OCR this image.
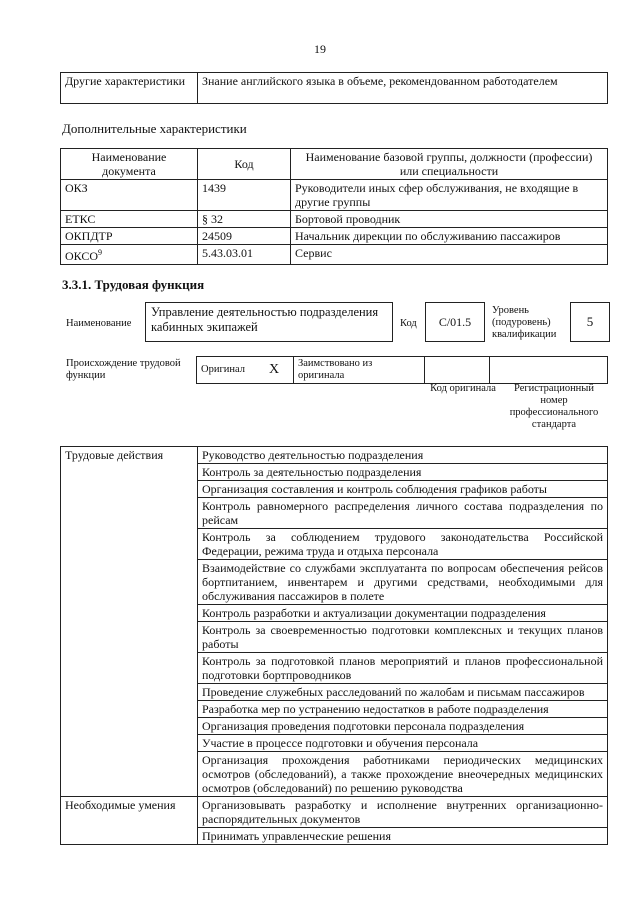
19
Другие характеристики	Знание английского языка в объеме, рекомендованном работодателем
Дополнительные характеристики
Наименование документа	Код	Наименование базовой группы, должности (профессии) или специальности
ОКЗ	1439	Руководители иных сфер обслуживания, не входящие в другие группы
ЕТКС	§ 32	Бортовой проводник
ОКПДТР	24509	Начальник дирекции по обслуживанию пассажиров
ОКСО$^9$	5.43.03.01	Сервис
3.3.1. Трудовая функция
Наименование
Управление деятельностью подразделения кабинных экипажей	Код	C/01.5
Уровень (подуровень) квалификации
5
Происхождение трудовой функции
Оригинал	X	Заимствовано из оригинала		
Код оригинала	Регистрационный номер профессионального стандарта
Трудовые действия	Руководство деятельностью подразделения
	Контроль за деятельностью подразделения
	Организация составления и контроль соблюдения графиков работы
	Контроль равномерного распределения личного состава подразделения по рейсам
	Контроль за соблюдением трудового законодательства Российской Федерации, режима труда и отдыха персонала
	Взаимодействие со службами эксплуатанта по вопросам обеспечения рейсов бортпитанием, инвентарем и другими средствами, необходимыми для обслуживания пассажиров в полете
	Контроль разработки и актуализации документации подразделения
	Контроль за своевременностью подготовки комплексных и текущих планов работы
	Контроль за подготовкой планов мероприятий и планов профессиональной подготовки бортпроводников
	Проведение служебных расследований по жалобам и письмам пассажиров
	Разработка мер по устранению недостатков в работе подразделения
	Организация проведения подготовки персонала подразделения
	Участие в процессе подготовки и обучения персонала
	Организация прохождения работниками периодических медицинских осмотров (обследований), а также прохождение внеочередных медицинских осмотров (обследований) по решению руководства
Необходимые умения	Организовывать разработку и исполнение внутренних организационно-распорядительных документов
	Принимать управленческие решения
